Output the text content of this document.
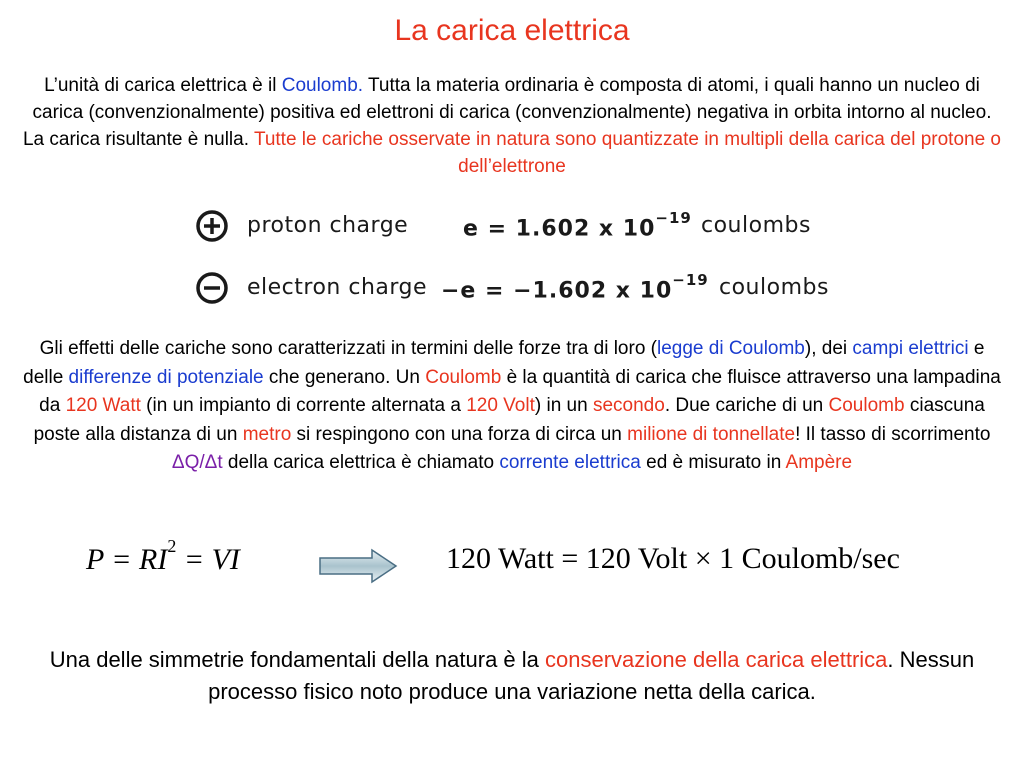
La carica elettrica
L’unità di carica elettrica è il Coulomb. Tutta la materia ordinaria è composta di atomi, i quali hanno un nucleo di carica (convenzionalmente) positiva ed elettroni di carica (convenzionalmente) negativa in orbita intorno al nucleo. La carica risultante è nulla. Tutte le cariche osservate in natura sono quantizzate in multipli della carica del protone o dell’elettrone
proton charge e = 1.602 x $10^{-19}$ coulombs
electron charge −e = −1.602 x $10^{-19}$ coulombs
Gli effetti delle cariche sono caratterizzati in termini delle forze tra di loro (legge di Coulomb), dei campi elettrici e delle differenze di potenziale che generano. Un Coulomb è la quantità di carica che fluisce attraverso una lampadina da 120 Watt (in un impianto di corrente alternata a 120 Volt) in un secondo. Due cariche di un Coulomb ciascuna poste alla distanza di un metro si respingono con una forza di circa un milione di tonnellate! Il tasso di scorrimento ΔQ/Δt della carica elettrica è chiamato corrente elettrica ed è misurato in Ampère
$P = RI^2$ = VI	120 Watt = 120 Volt × 1 Coulomb/sec
Una delle simmetrie fondamentali della natura è la conservazione della carica elettrica. Nessun processo fisico noto produce una variazione netta della carica.
